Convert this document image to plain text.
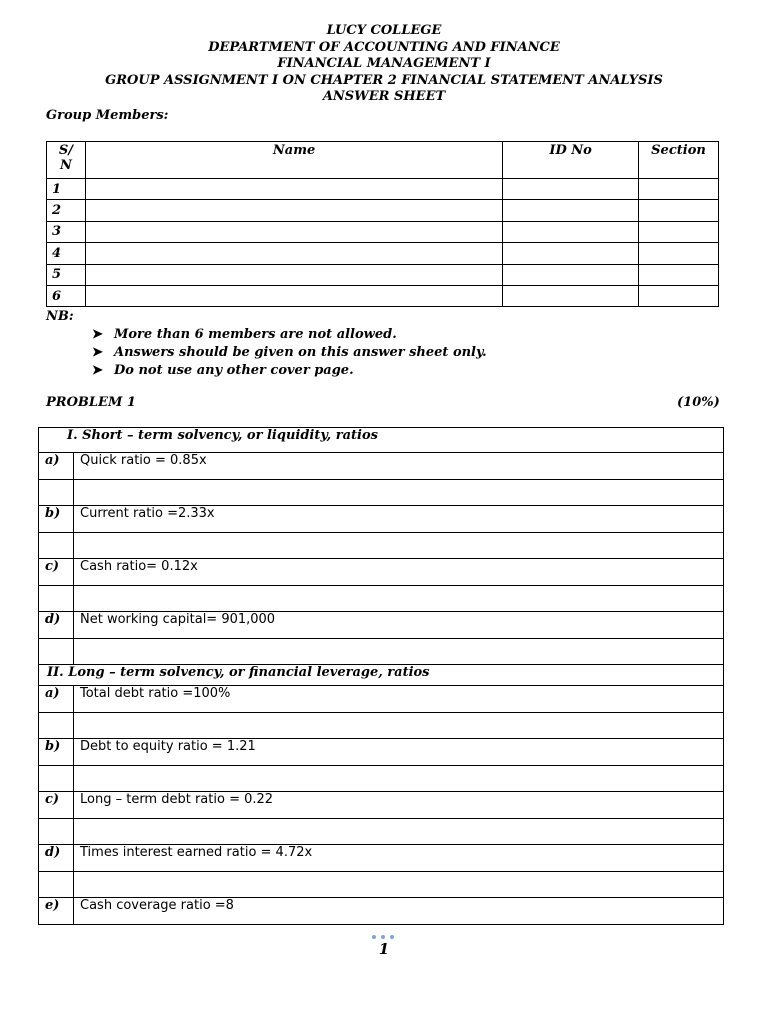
LUCY COLLEGE
DEPARTMENT OF ACCOUNTING AND FINANCE
FINANCIAL MANAGEMENT I
GROUP ASSIGNMENT I ON CHAPTER 2 FINANCIAL STATEMENT ANALYSIS
ANSWER SHEET
Group Members:
S/
N	Name	ID No	Section
1			
2			
3			
4			
5			
6			
NB:
➤ More than 6 members are not allowed.
➤ Answers should be given on this answer sheet only.
➤ Do not use any other cover page.
PROBLEM 1	(10%)
I. Short – term solvency, or liquidity, ratios	
a)	Quick ratio = 0.85x

b)	Current ratio =2.33x

c)	Cash ratio= 0.12x

d)	Net working capital= 901,000

II. Long – term solvency, or financial leverage, ratios	
a)	Total debt ratio =100%

b)	Debt to equity ratio = 1.21

c)	Long – term debt ratio = 0.22

d)	Times interest earned ratio = 4.72x

e)	Cash coverage ratio =8
1
